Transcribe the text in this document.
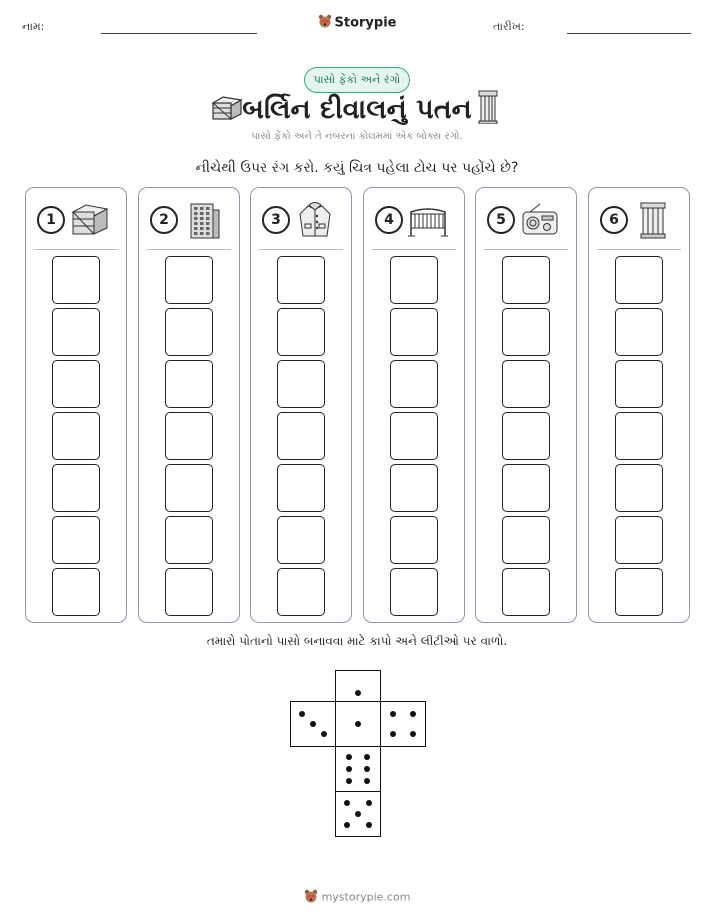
નામ:	Storypie	તારીખ:
પાસો ફેંકો અને રંગો
બર્લિન દીવાલનું પતન
પાસો ફેંકો અને તે નંબરના કોલમમાં એક બોક્સ રંગો.
નીચેથી ઉપર રંગ કરો. કયું ચિત્ર પહેલા ટોચ પર પહોંચે છે?
1	2	3	4	5	6
તમારો પોતાનો પાસો બનાવવા માટે કાપો અને લીટીઓ પર વાળો.
mystorypie.com
